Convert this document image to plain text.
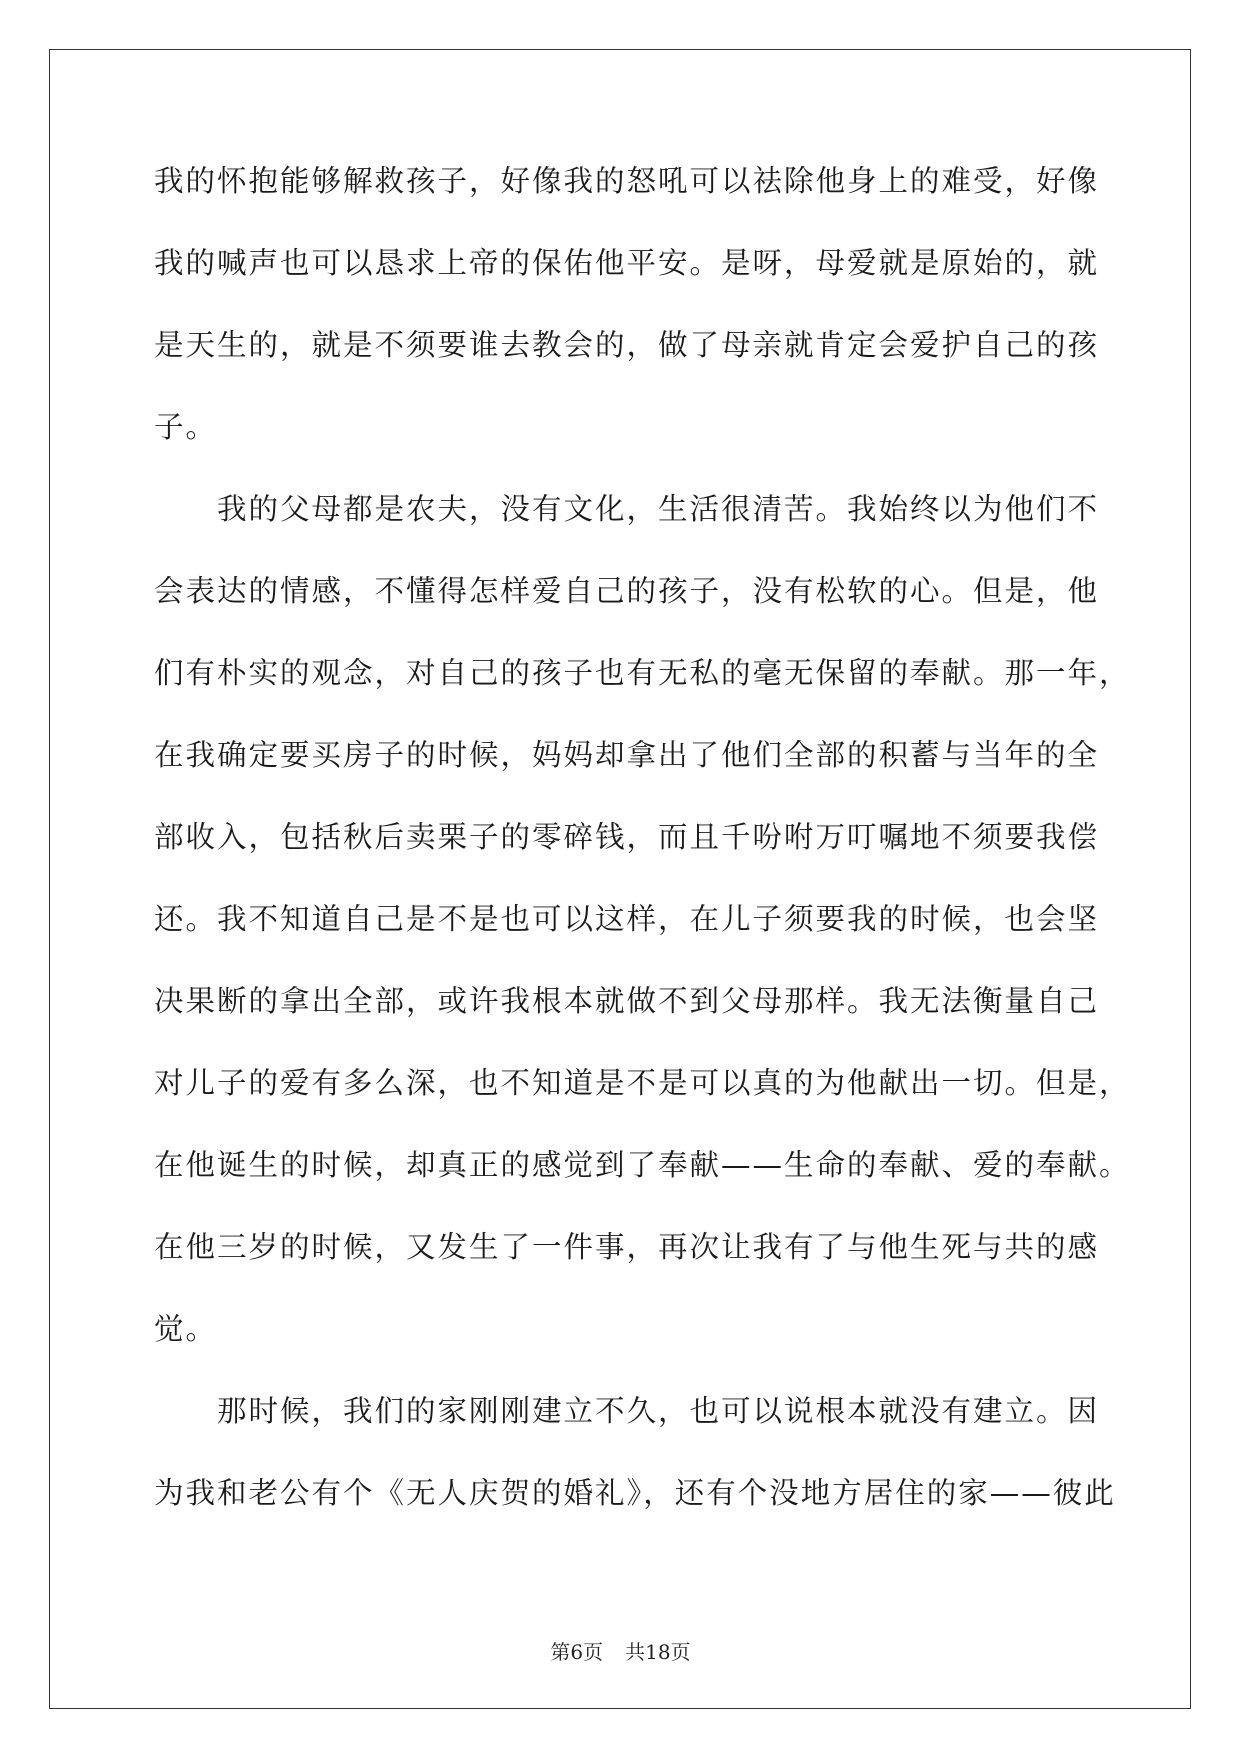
我的怀抱能够解救孩子，好像我的怒吼可以祛除他身上的难受，好像
我的喊声也可以恳求上帝的保佑他平安。是呀，母爱就是原始的，就
是天生的，就是不须要谁去教会的，做了母亲就肯定会爱护自己的孩
子。
　　我的父母都是农夫，没有文化，生活很清苦。我始终以为他们不
会表达的情感，不懂得怎样爱自己的孩子，没有松软的心。但是，他
们有朴实的观念，对自己的孩子也有无私的毫无保留的奉献。那一年，
在我确定要买房子的时候，妈妈却拿出了他们全部的积蓄与当年的全
部收入，包括秋后卖栗子的零碎钱，而且千吩咐万叮嘱地不须要我偿
还。我不知道自己是不是也可以这样，在儿子须要我的时候，也会坚
决果断的拿出全部，或许我根本就做不到父母那样。我无法衡量自己
对儿子的爱有多么深，也不知道是不是可以真的为他献出一切。但是，
在他诞生的时候，却真正的感觉到了奉献——生命的奉献、爱的奉献。
在他三岁的时候，又发生了一件事，再次让我有了与他生死与共的感
觉。
　　那时候，我们的家刚刚建立不久，也可以说根本就没有建立。因
为我和老公有个《无人庆贺的婚礼》，还有个没地方居住的家——彼此
第6页 共18页
